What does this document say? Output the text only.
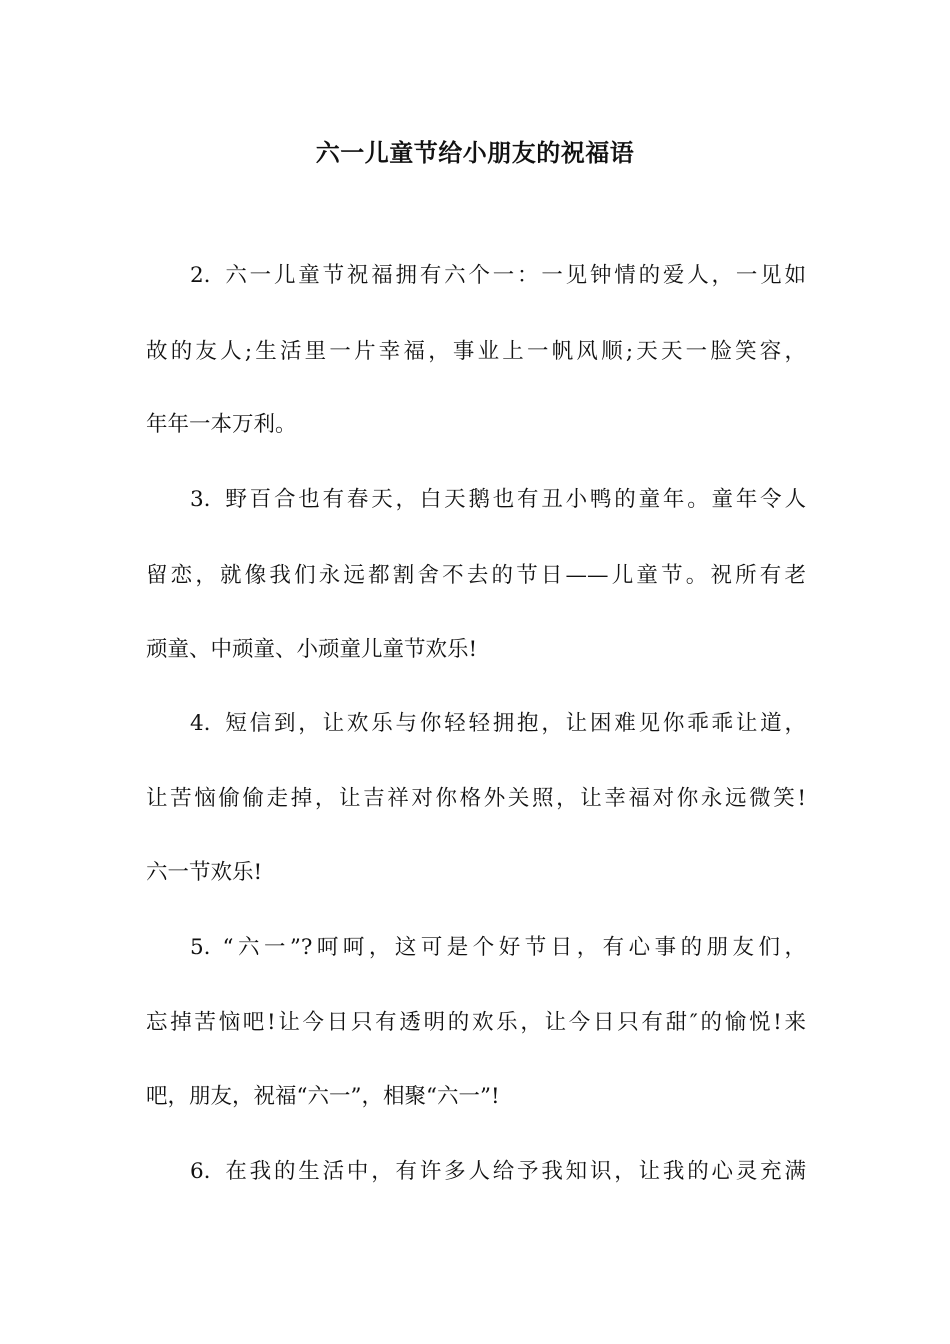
六一儿童节给小朋友的祝福语
2. 六一儿童节祝福拥有六个一：一见钟情的爱人，一见如
故的友人;生活里一片幸福，事业上一帆风顺;天天一脸笑容，
年年一本万利。
3. 野百合也有春天，白天鹅也有丑小鸭的童年。童年令人
留恋，就像我们永远都割舍不去的节日——儿童节。祝所有老
顽童、中顽童、小顽童儿童节欢乐!
4. 短信到，让欢乐与你轻轻拥抱，让困难见你乖乖让道，
让苦恼偷偷走掉，让吉祥对你格外关照，让幸福对你永远微笑!
六一节欢乐!
5. “六一”?呵呵，这可是个好节日，有心事的朋友们，
忘掉苦恼吧!让今日只有透明的欢乐，让今日只有甜″的愉悦!来
吧，朋友，祝福“六一”，相聚“六一”!
6. 在我的生活中，有许多人给予我知识，让我的心灵充满
